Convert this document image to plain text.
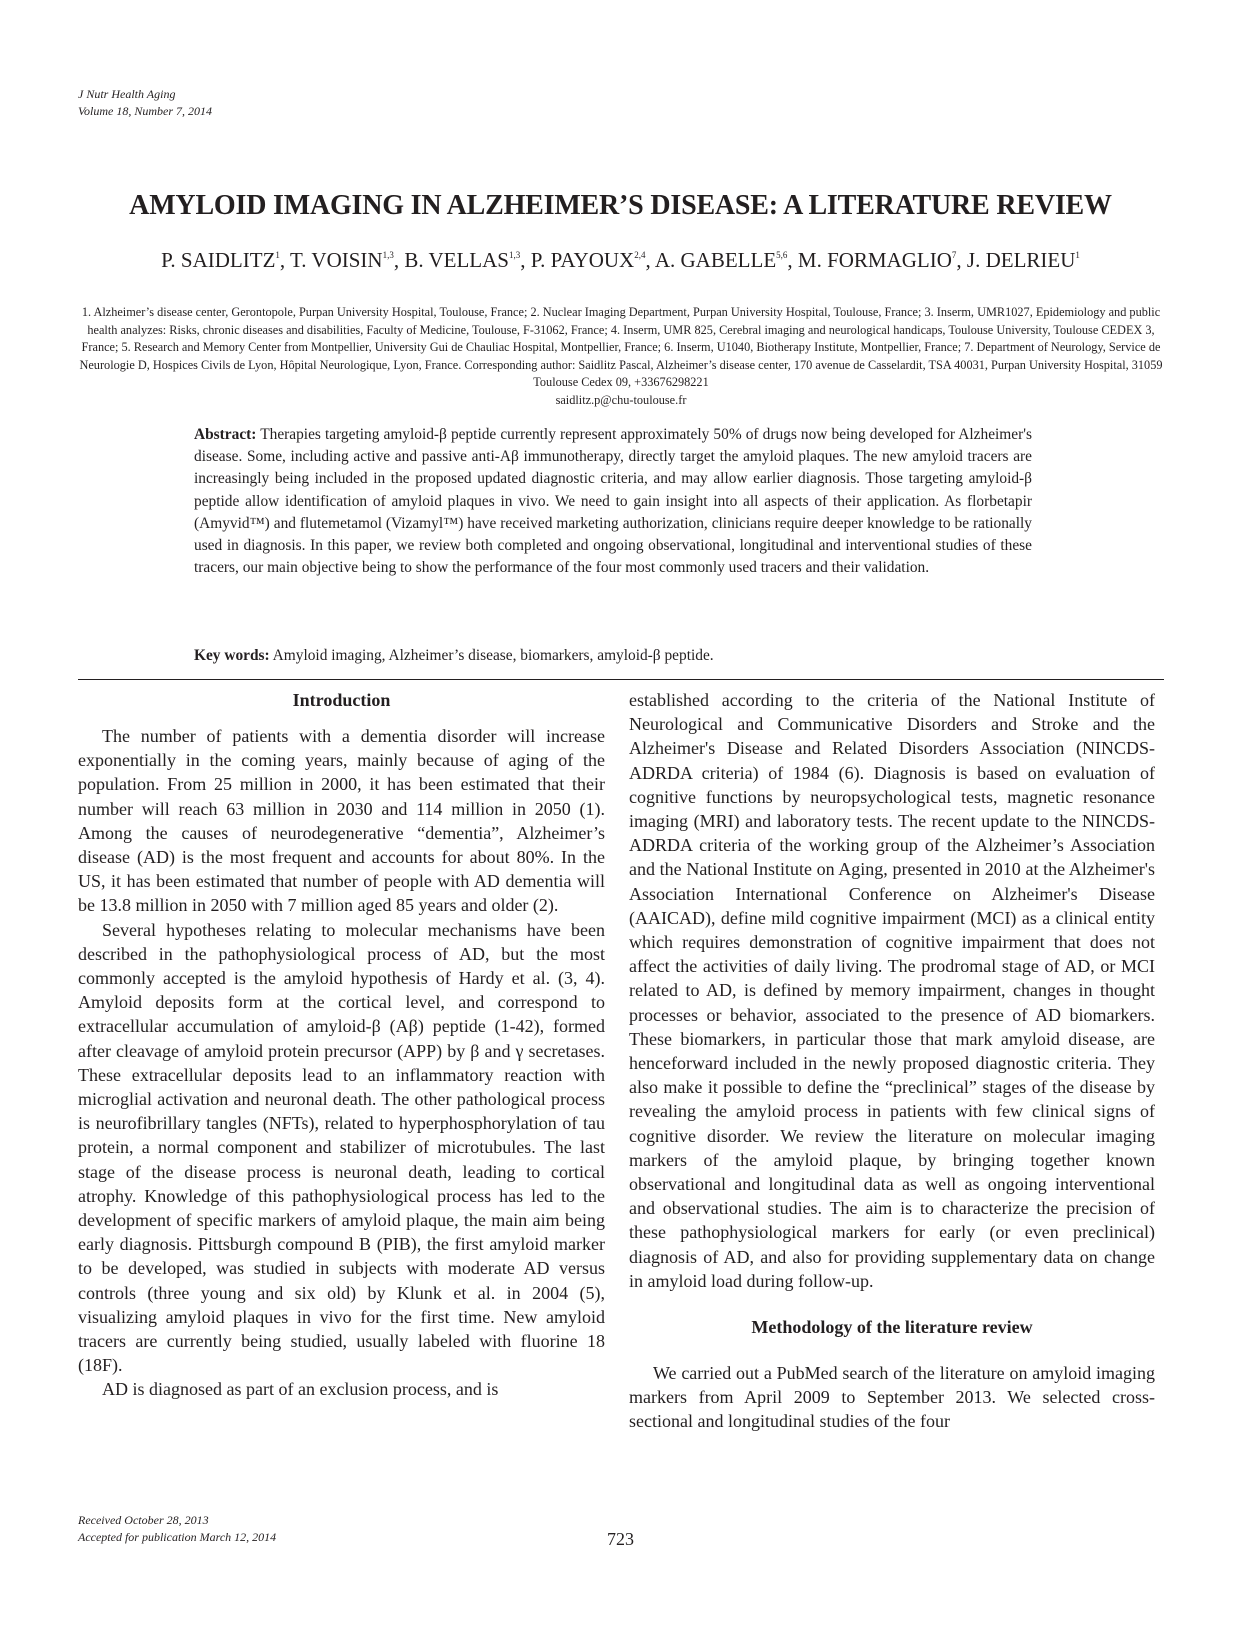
J Nutr Health Aging
Volume 18, Number 7, 2014
AMYLOID IMAGING IN ALZHEIMER’S DISEASE: A LITERATURE REVIEW
P. SAIDLITZ$^1$, T. VOISIN$^{1,3}$, B. VELLAS$^{1,3}$, P. PAYOUX$^{2,4}$, A. GABELLE$^{5,6}$, M. FORMAGLIO$^7$, J. DELRIEU$^1$
1. Alzheimer’s disease center, Gerontopole, Purpan University Hospital, Toulouse, France; 2. Nuclear Imaging Department, Purpan University Hospital, Toulouse, France; 3. Inserm, UMR1027, Epidemiology and public health analyzes: Risks, chronic diseases and disabilities, Faculty of Medicine, Toulouse, F-31062, France; 4. Inserm, UMR 825, Cerebral imaging and neurological handicaps, Toulouse University, Toulouse CEDEX 3, France; 5. Research and Memory Center from Montpellier, University Gui de Chauliac Hospital, Montpellier, France; 6. Inserm, U1040, Biotherapy Institute, Montpellier, France; 7. Department of Neurology, Service de Neurologie D, Hospices Civils de Lyon, Hôpital Neurologique, Lyon, France. Corresponding author: Saidlitz Pascal, Alzheimer’s disease center, 170 avenue de Casselardit, TSA 40031, Purpan University Hospital, 31059 Toulouse Cedex 09, +33676298221
saidlitz.p@chu-toulouse.fr
Abstract: Therapies targeting amyloid-β peptide currently represent approximately 50% of drugs now being developed for Alzheimer's disease. Some, including active and passive anti-Aβ immunotherapy, directly target the amyloid plaques. The new amyloid tracers are increasingly being included in the proposed updated diagnostic criteria, and may allow earlier diagnosis. Those targeting amyloid-β peptide allow identification of amyloid plaques in vivo. We need to gain insight into all aspects of their application. As florbetapir (Amyvid™) and flutemetamol (Vizamyl™) have received marketing authorization, clinicians require deeper knowledge to be rationally used in diagnosis. In this paper, we review both completed and ongoing observational, longitudinal and interventional studies of these tracers, our main objective being to show the performance of the four most commonly used tracers and their validation.
Key words: Amyloid imaging, Alzheimer’s disease, biomarkers, amyloid-β peptide.
Introduction

The number of patients with a dementia disorder will increase exponentially in the coming years, mainly because of aging of the population. From 25 million in 2000, it has been estimated that their number will reach 63 million in 2030 and 114 million in 2050 (1). Among the causes of neurodegenerative “dementia”, Alzheimer’s disease (AD) is the most frequent and accounts for about 80%. In the US, it has been estimated that number of people with AD dementia will be 13.8 million in 2050 with 7 million aged 85 years and older (2).

Several hypotheses relating to molecular mechanisms have been described in the pathophysiological process of AD, but the most commonly accepted is the amyloid hypothesis of Hardy et al. (3, 4). Amyloid deposits form at the cortical level, and correspond to extracellular accumulation of amyloid-β (Aβ) peptide (1-42), formed after cleavage of amyloid protein precursor (APP) by β and γ secretases. These extracellular deposits lead to an inflammatory reaction with microglial activation and neuronal death. The other pathological process is neurofibrillary tangles (NFTs), related to hyperphosphorylation of tau protein, a normal component and stabilizer of microtubules. The last stage of the disease process is neuronal death, leading to cortical atrophy. Knowledge of this pathophysiological process has led to the development of specific markers of amyloid plaque, the main aim being early diagnosis. Pittsburgh compound B (PIB), the first amyloid marker to be developed, was studied in subjects with moderate AD versus controls (three young and six old) by Klunk et al. in 2004 (5), visualizing amyloid plaques in vivo for the first time. New amyloid tracers are currently being studied, usually labeled with fluorine 18 (18F).

AD is diagnosed as part of an exclusion process, and is

established according to the criteria of the National Institute of Neurological and Communicative Disorders and Stroke and the Alzheimer's Disease and Related Disorders Association (NINCDS-ADRDA criteria) of 1984 (6). Diagnosis is based on evaluation of cognitive functions by neuropsychological tests, magnetic resonance imaging (MRI) and laboratory tests. The recent update to the NINCDS-ADRDA criteria of the working group of the Alzheimer’s Association and the National Institute on Aging, presented in 2010 at the Alzheimer's Association International Conference on Alzheimer's Disease (AAICAD), define mild cognitive impairment (MCI) as a clinical entity which requires demonstration of cognitive impairment that does not affect the activities of daily living. The prodromal stage of AD, or MCI related to AD, is defined by memory impairment, changes in thought processes or behavior, associated to the presence of AD biomarkers. These biomarkers, in particular those that mark amyloid disease, are henceforward included in the newly proposed diagnostic criteria. They also make it possible to define the “preclinical” stages of the disease by revealing the amyloid process in patients with few clinical signs of cognitive disorder. We review the literature on molecular imaging markers of the amyloid plaque, by bringing together known observational and longitudinal data as well as ongoing interventional and observational studies. The aim is to characterize the precision of these pathophysiological markers for early (or even preclinical) diagnosis of AD, and also for providing supplementary data on change in amyloid load during follow-up.

Methodology of the literature review

We carried out a PubMed search of the literature on amyloid imaging markers from April 2009 to September 2013. We selected cross-sectional and longitudinal studies of the four

Received October 28, 2013
Accepted for publication March 12, 2014	723
